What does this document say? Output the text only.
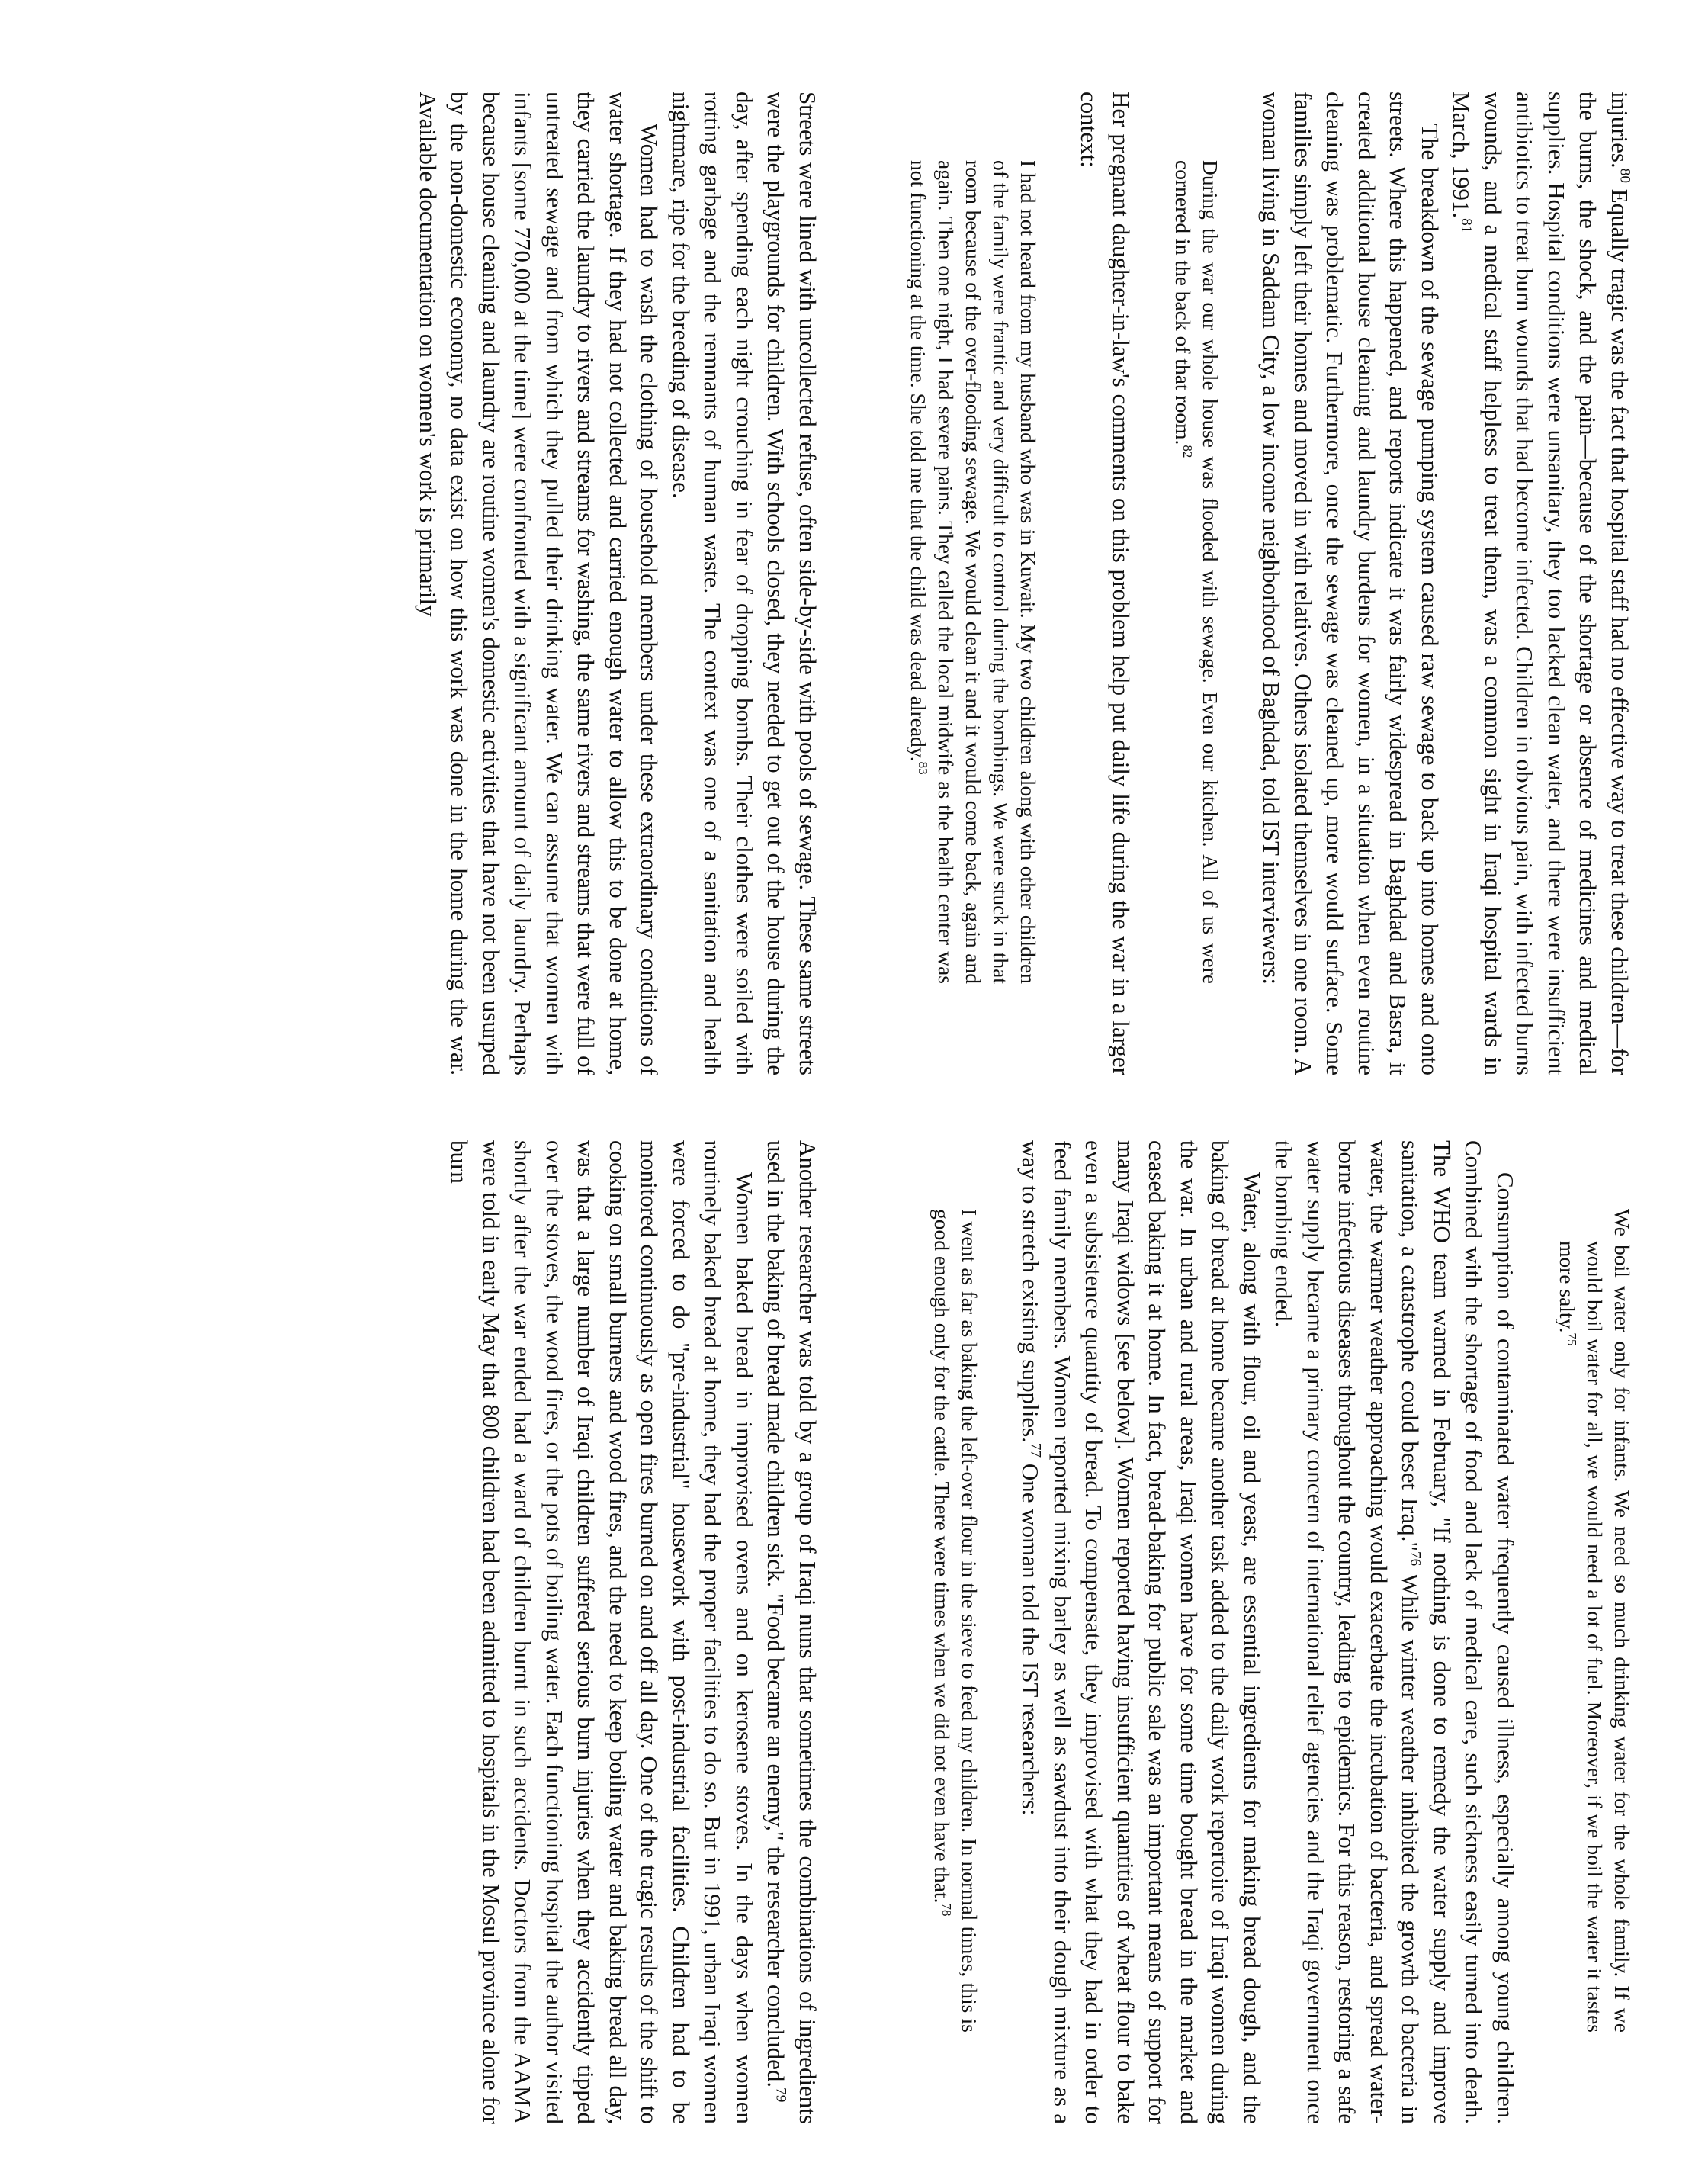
injuries.$^{80}$ Equally tragic was the fact that hospital staff had no effective way to treat these children—for the burns, the shock, and the pain—because of the shortage or absence of medicines and medical supplies. Hospital conditions were unsanitary, they too lacked clean water, and there were insufficient antibiotics to treat burn wounds that had become infected. Children in obvious pain, with infected burns wounds, and a medical staff helpless to treat them, was a common sight in Iraqi hospital wards in March, 1991.81

The breakdown of the sewage pumping system caused raw sewage to back up into homes and onto streets. Where this happened, and reports indicate it was fairly widespread in Baghdad and Basra, it created additional house cleaning and laundry burdens for women, in a situation when even routine cleaning was problematic. Furthermore, once the sewage was cleaned up, more would surface. Some families simply left their homes and moved in with relatives. Others isolated themselves in one room. A woman living in Saddam City, a low income neighborhood of Baghdad, told IST interviewers:

During the war our whole house was flooded with sewage. Even our kitchen. All of us were cornered in the back of that room.$^{82}$

Her pregnant daughter-in-law's comments on this problem help put daily life during the war in a larger context:

I had not heard from my husband who was in Kuwait. My two children along with other children of the family were frantic and very difficult to control during the bombings. We were stuck in that room because of the over-flooding sewage. We would clean it and it would come back, again and again. Then one night, I had severe pains. They called the local midwife as the health center was not functioning at the time. She told me that the child was dead already.$^{83}$

We boil water only for infants. We need so much drinking water for the whole family. If we would boil water for all, we would need a lot of fuel. Moreover, if we boil the water it tastes more salty.$^{75}$

Consumption of contaminated water frequently caused illness, especially among young children. Combined with the shortage of food and lack of medical care, such sickness easily turned into death. The WHO team warned in February, "If nothing is done to remedy the water supply and improve sanitation, a catastrophe could beset Iraq."$^{76}$ While winter weather inhibited the growth of bacteria in water, the warmer weather approaching would exacerbate the incubation of bacteria, and spread water-borne infectious diseases throughout the country, leading to epidemics. For this reason, restoring a safe water supply became a primary concern of international relief agencies and the Iraqi government once the bombing ended.

Water, along with flour, oil and yeast, are essential ingredients for making bread dough, and the baking of bread at home became another task added to the daily work repertoire of Iraqi women during the war. In urban and rural areas, Iraqi women have for some time bought bread in the market and ceased baking it at home. In fact, bread-baking for public sale was an important means of support for many Iraqi widows [see below]. Women reported having insufficient quantities of wheat flour to bake even a subsistence quantity of bread. To compensate, they improvised with what they had in order to feed family members. Women reported mixing barley as well as sawdust into their dough mixture as a way to stretch existing supplies.$^{77}$ One woman told the IST researchers:

I went as far as baking the left-over flour in the sieve to feed my children. In normal times, this is good enough only for the cattle. There were times when we did not even have that.$^{78}$

Streets were lined with uncollected refuse, often side-by-side with pools of sewage. These same streets were the playgrounds for children. With schools closed, they needed to get out of the house during the day, after spending each night crouching in fear of dropping bombs. Their clothes were soiled with rotting garbage and the remnants of human waste. The context was one of a sanitation and health nightmare, ripe for the breeding of disease.

Women had to wash the clothing of household members under these extraordinary conditions of water shortage. If they had not collected and carried enough water to allow this to be done at home, they carried the laundry to rivers and streams for washing, the same rivers and streams that were full of untreated sewage and from which they pulled their drinking water. We can assume that women with infants [some 770,000 at the time] were confronted with a significant amount of daily laundry. Perhaps because house cleaning and laundry are routine women's domestic activities that have not been usurped by the non-domestic economy, no data exist on how this work was done in the home during the war. Available documentation on women's work is primarily

Another researcher was told by a group of Iraqi nuns that sometimes the combinations of ingredients used in the baking of bread made children sick. "Food became an enemy," the researcher concluded.$^{79}$

Women baked bread in improvised ovens and on kerosene stoves. In the days when women routinely baked bread at home, they had the proper facilities to do so. But in 1991, urban Iraqi women were forced to do "pre-industrial" housework with post-industrial facilities. Children had to be monitored continuously as open fires burned on and off all day. One of the tragic results of the shift to cooking on small burners and wood fires, and the need to keep boiling water and baking bread all day, was that a large number of Iraqi children suffered serious burn injuries when they accidently tipped over the stoves, the wood fires, or the pots of boiling water. Each functioning hospital the author visited shortly after the war ended had a ward of children burnt in such accidents. Doctors from the AAMA were told in early May that 800 children had been admitted to hospitals in the Mosul province alone for burn
